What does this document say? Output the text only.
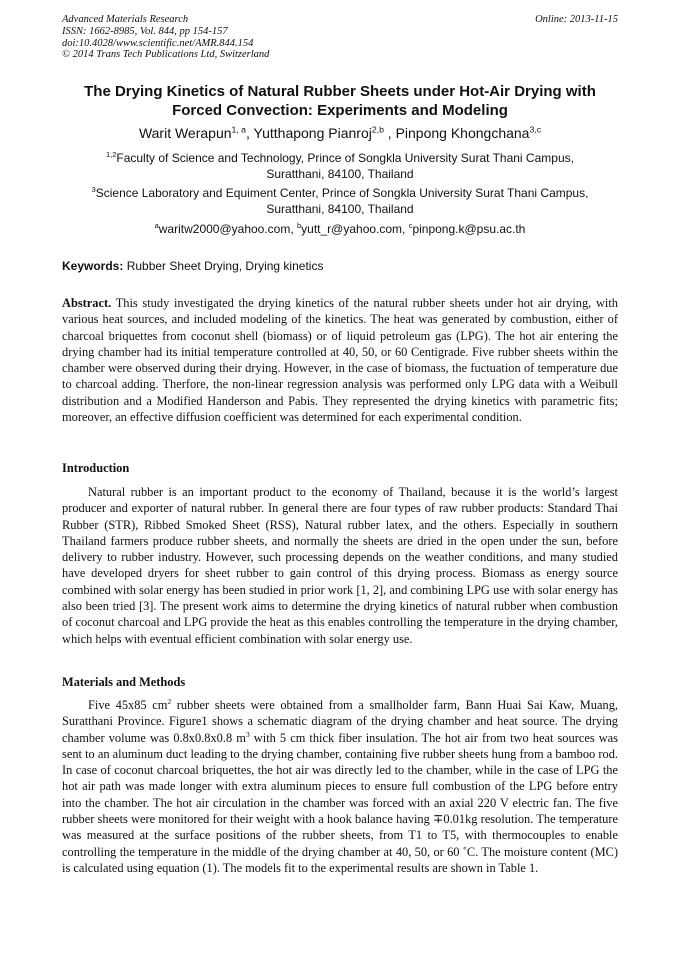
Advanced Materials Research
ISSN: 1662-8985, Vol. 844, pp 154-157
doi:10.4028/www.scientific.net/AMR.844.154
© 2014 Trans Tech Publications Ltd, Switzerland
Online: 2013-11-15
The Drying Kinetics of Natural Rubber Sheets under Hot-Air Drying with
Forced Convection: Experiments and Modeling
Warit Werapun$^{1, a}$, Yutthapong Pianroj$^{2,b}$ , Pinpong Khongchana$^{3,c}$
$^{1,2}$Faculty of Science and Technology, Prince of Songkla University Surat Thani Campus,
Suratthani, 84100, Thailand
$^3$Science Laboratory and Equiment Center, Prince of Songkla University Surat Thani Campus,
Suratthani, 84100, Thailand
$^a$waritw2000@yahoo.com, $^b$yutt_r@yahoo.com, $^c$pinpong.k@psu.ac.th
Keywords: Rubber Sheet Drying, Drying kinetics
Abstract. This study investigated the drying kinetics of the natural rubber sheets under hot air drying, with various heat sources, and included modeling of the kinetics. The heat was generated by combustion, either of charcoal briquettes from coconut shell (biomass) or of liquid petroleum gas (LPG). The hot air entering the drying chamber had its initial temperature controlled at 40, 50, or 60 Centigrade. Five rubber sheets within the chamber were observed during their drying. However, in the case of biomass, the fuctuation of temperature due to charcoal adding. Therfore, the non-linear regression analysis was performed only LPG data with a Weibull distribution and a Modified Handerson and Pabis. They represented the drying kinetics with parametric fits; moreover, an effective diffusion coefficient was determined for each experimental condition.
Introduction
Natural rubber is an important product to the economy of Thailand, because it is the world’s largest producer and exporter of natural rubber. In general there are four types of raw rubber products: Standard Thai Rubber (STR), Ribbed Smoked Sheet (RSS), Natural rubber latex, and the others. Especially in southern Thailand farmers produce rubber sheets, and normally the sheets are dried in the open under the sun, before delivery to rubber industry. However, such processing depends on the weather conditions, and many studied have developed dryers for sheet rubber to gain control of this drying process. Biomass as energy source combined with solar energy has been studied in prior work [1, 2], and combining LPG use with solar energy has also been tried [3]. The present work aims to determine the drying kinetics of natural rubber when combustion of coconut charcoal and LPG provide the heat as this enables controlling the temperature in the drying chamber, which helps with eventual efficient combination with solar energy use.
Materials and Methods
Five 45x85 $cm^2$ rubber sheets were obtained from a smallholder farm, Bann Huai Sai Kaw, Muang, Suratthani Province. Figure1 shows a schematic diagram of the drying chamber and heat source. The drying chamber volume was 0.8x0.8x0.8 $m^3$ with 5 cm thick fiber insulation. The hot air from two heat sources was sent to an aluminum duct leading to the drying chamber, containing five rubber sheets hung from a bamboo rod. In case of coconut charcoal briquettes, the hot air was directly led to the chamber, while in the case of LPG the hot air path was made longer with extra aluminum pieces to ensure full combustion of the LPG before entry into the chamber. The hot air circulation in the chamber was forced with an axial 220 V electric fan. The five rubber sheets were monitored for their weight with a hook balance having ∓0.01kg resolution. The temperature was measured at the surface positions of the rubber sheets, from T1 to T5, with thermocouples to enable controlling the temperature in the middle of the drying chamber at 40, 50, or 60 ˚C. The moisture content (MC) is calculated using equation (1). The models fit to the experimental results are shown in Table 1.
